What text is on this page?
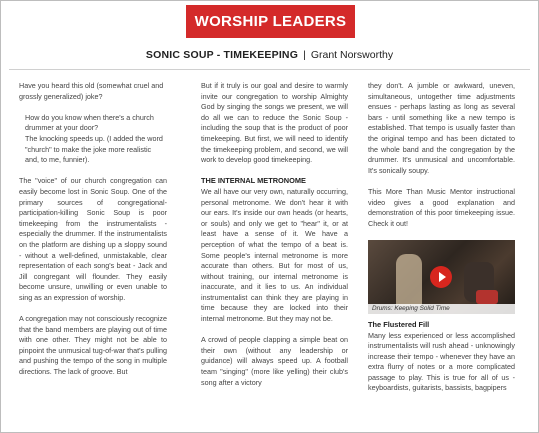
WORSHIP LEADERS
SONIC SOUP - TIMEKEEPING | Grant Norsworthy

Have you heard this old (somewhat cruel and grossly generalized) joke?

How do you know when there's a church drummer at your door?

The knocking speeds up. (I added the word "church" to make the joke more realistic and, to me, funnier).

The "voice" of our church congregation can easily become lost in Sonic Soup. One of the primary sources of congregational-participation-killing Sonic Soup is poor timekeeping from the instrumentalists - especially the drummer. If the instrumentalists on the platform are dishing up a sloppy sound - without a well-defined, unmistakable, clear representation of each song's beat - Jack and Jill congregant will flounder. They easily become unsure, unwilling or even unable to sing as an expression of worship.

A congregation may not consciously recognize that the band members are playing out of time with one other. They might not be able to pinpoint the unmusical tug-of-war that's pulling and pushing the tempo of the song in multiple directions. The lack of groove. But

But if it truly is our goal and desire to warmly invite our congregation to worship Almighty God by singing the songs we present, we will do all we can to reduce the Sonic Soup - including the soup that is the product of poor timekeeping. But first, we will need to identify the timekeeping problem, and second, we will work to develop good timekeeping.

THE INTERNAL METRONOME

We all have our very own, naturally occurring, personal metronome. We don't hear it with our ears. It's inside our own heads (or hearts, or souls) and only we get to "hear" it, or at least have a sense of it. We have a perception of what the tempo of a beat is. Some people's internal metronome is more accurate than others. But for most of us, without training, our internal metronome is inaccurate, and it lies to us. An individual instrumentalist can think they are playing in time because they are locked into their internal metronome. But they may not be.

A crowd of people clapping a simple beat on their own (without any leadership or guidance) will always speed up. A football team "singing" (more like yelling) their club's song after a victory

they don't. A jumble or awkward, uneven, simultaneous, untogether time adjustments ensues - perhaps lasting as long as several bars - until something like a new tempo is established. That tempo is usually faster than the original tempo and has been dictated to the whole band and the congregation by the drummer. It's unmusical and uncomfortable. It's sonically soupy.

This More Than Music Mentor instructional video gives a good explanation and demonstration of this poor timekeeping issue. Check it out!

Drums: Keeping Solid Time

The Flustered Fill

Many less experienced or less accomplished instrumentalists will rush ahead - unknowingly increase their tempo - whenever they have an extra flurry of notes or a more complicated passage to play. This is true for all of us - keyboardists, guitarists, bassists, bagpipers
